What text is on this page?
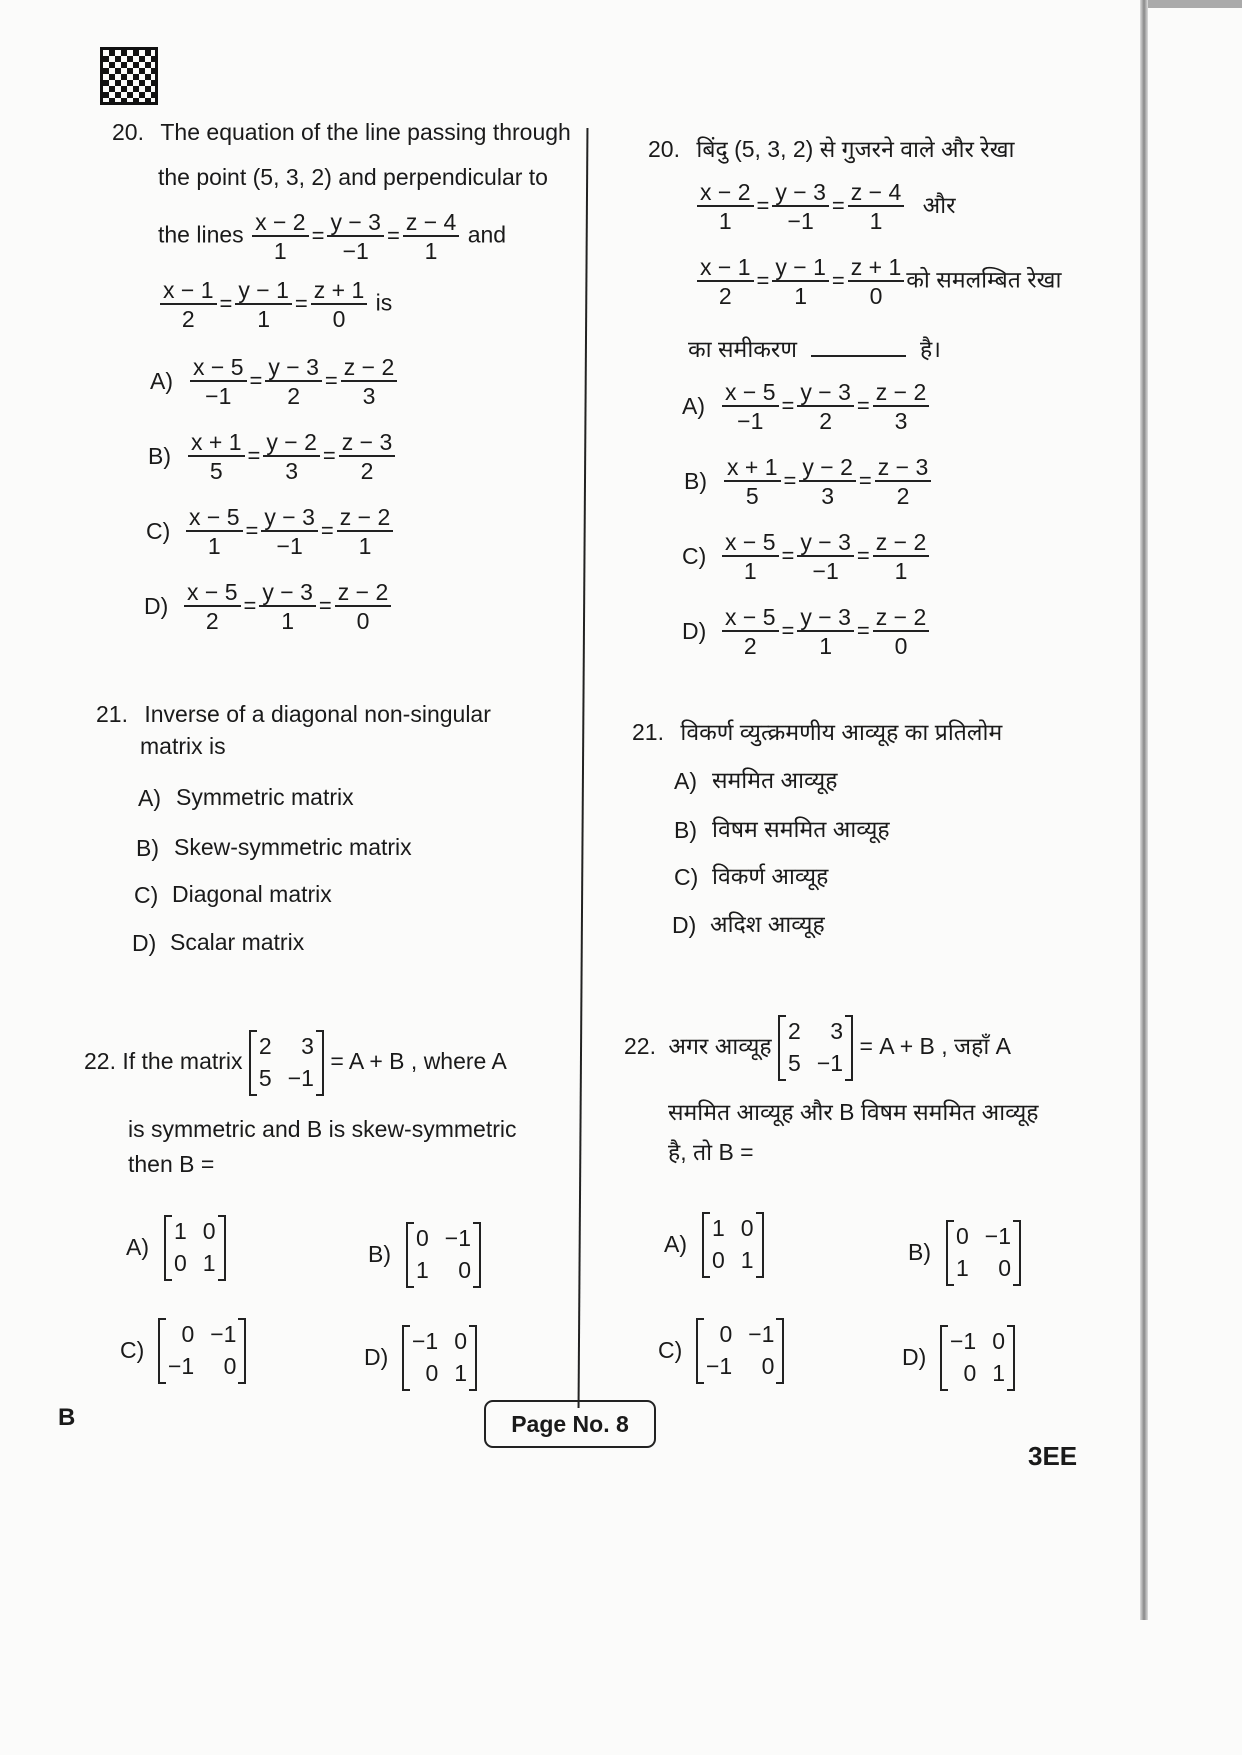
20. The equation of the line passing through
the point (5, 3, 2) and perpendicular to
the lines $\frac{x - 2}{1} = \frac{y - 3}{-1} = \frac{z - 4}{1}$ and
$\frac{x - 1}{2} = \frac{y - 1}{1} = \frac{z + 1}{0}$ is
$A) \frac{x - 5}{-1} = \frac{y - 3}{2} = \frac{z - 2}{3}$
$B) \frac{x + 1}{5} = \frac{y - 2}{3} = \frac{z - 3}{2}$
$C) \frac{x - 5}{1} = \frac{y - 3}{-1} = \frac{z - 2}{1}$
$D) \frac{x - 5}{2} = \frac{y - 3}{1} = \frac{z - 2}{0}$
21. Inverse of a diagonal non-singular
matrix is
A) Symmetric matrix
B) Skew-symmetric matrix
C) Diagonal matrix
D) Scalar matrix
22. If the matrix
2	3
5 −1
= A + B , where A
is symmetric and B is skew-symmetric
then B =
A)
1 0
0 1	B)
0 −1
1	0
C)
0 −1
−1	0	D)
−1 0
0 1
20. बिंदु (5, 3, 2) से गुजरने वाले और रेखा
$\frac{x - 2}{1} = \frac{y - 3}{-1} = \frac{z - 4}{1}$ और
$\frac{x - 1}{2} = \frac{y - 1}{1} = \frac{z + 1}{0}$ को समलम्बित रेखा
का समीकरण	है।
$A) \frac{x - 5}{-1} = \frac{y - 3}{2} = \frac{z - 2}{3}$
$B) \frac{x + 1}{5} = \frac{y - 2}{3} = \frac{z - 3}{2}$
$C) \frac{x - 5}{1} = \frac{y - 3}{-1} = \frac{z - 2}{1}$
$D) \frac{x - 5}{2} = \frac{y - 3}{1} = \frac{z - 2}{0}$
21. विकर्ण व्युत्क्रमणीय आव्यूह का प्रतिलोम
A) सममित आव्यूह
B) विषम सममित आव्यूह
C) विकर्ण आव्यूह
D) अदिश आव्यूह
22. अगर आव्यूह
2	3
5 −1
= A + B , जहाँ A
सममित आव्यूह और B विषम सममित आव्यूह
है, तो B =
A)
1 0
0 1	B)
0 −1
1	0
C)
0 −1
−1	0	D)
−1 0
0 1
B	Page No. 8
3EE
